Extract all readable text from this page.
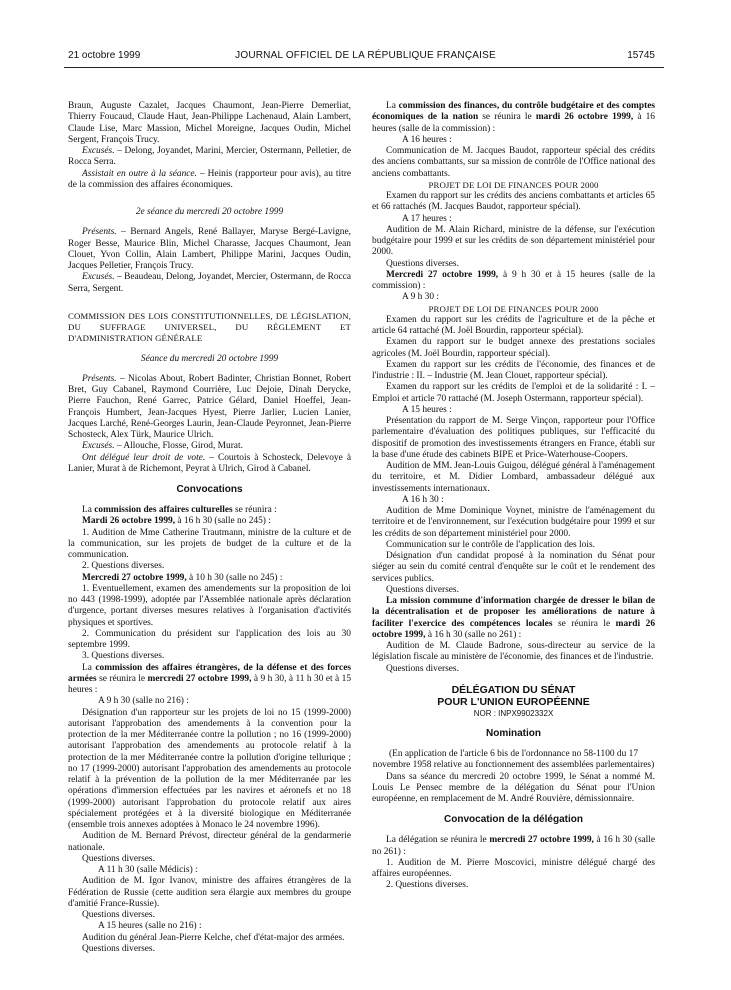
21 octobre 1999	JOURNAL OFFICIEL DE LA RÉPUBLIQUE FRANÇAISE	15745

Braun, Auguste Cazalet, Jacques Chaumont, Jean-Pierre Demerliat, Thierry Foucaud, Claude Haut, Jean-Philippe Lachenaud, Alain Lambert, Claude Lise, Marc Massion, Michel Moreigne, Jacques Oudin, Michel Sergent, François Trucy.

Excusés. – Delong, Joyandet, Marini, Mercier, Ostermann, Pelletier, de Rocca Serra.

Assistait en outre à la séance. – Heinis (rapporteur pour avis), au titre de la commission des affaires économiques.

2e séance du mercredi 20 octobre 1999

Présents. – Bernard Angels, René Ballayer, Maryse Bergé-Lavigne, Roger Besse, Maurice Blin, Michel Charasse, Jacques Chaumont, Jean Clouet, Yvon Collin, Alain Lambert, Philippe Marini, Jacques Oudin, Jacques Pelletier, François Trucy.

Excusés. – Beaudeau, Delong, Joyandet, Mercier, Ostermann, de Rocca Serra, Sergent.

COMMISSION DES LOIS CONSTITUTIONNELLES, DE LÉGISLATION, DU SUFFRAGE UNIVERSEL, DU RÈGLEMENT ET D'ADMINISTRATION GÉNÉRALE

Séance du mercredi 20 octobre 1999

Présents. – Nicolas About, Robert Badinter, Christian Bonnet, Robert Bret, Guy Cabanel, Raymond Courrière, Luc Dejoie, Dinah Derycke, Pierre Fauchon, René Garrec, Patrice Gélard, Daniel Hoeffel, Jean-François Humbert, Jean-Jacques Hyest, Pierre Jarlier, Lucien Lanier, Jacques Larché, René-Georges Laurin, Jean-Claude Peyronnet, Jean-Pierre Schosteck, Alex Türk, Maurice Ulrich.

Excusés. – Allouche, Flosse, Girod, Murat.

Ont délégué leur droit de vote. – Courtois à Schosteck, Delevoye à Lanier, Murat à de Richemont, Peyrat à Ulrich, Girod à Cabanel.

Convocations

La commission des affaires culturelles se réunira :

Mardi 26 octobre 1999, à 16 h 30 (salle no 245) :

1. Audition de Mme Catherine Trautmann, ministre de la culture et de la communication, sur les projets de budget de la culture et de la communication.

2. Questions diverses.

Mercredi 27 octobre 1999, à 10 h 30 (salle no 245) :

1. Eventuellement, examen des amendements sur la proposition de loi no 443 (1998-1999), adoptée par l'Assemblée nationale après déclaration d'urgence, portant diverses mesures relatives à l'organisation d'activités physiques et sportives.

2. Communication du président sur l'application des lois au 30 septembre 1999.

3. Questions diverses.

La commission des affaires étrangères, de la défense et des forces armées se réunira le mercredi 27 octobre 1999, à 9 h 30, à 11 h 30 et à 15 heures :

A 9 h 30 (salle no 216) :

Désignation d'un rapporteur sur les projets de loi no 15 (1999-2000) autorisant l'approbation des amendements à la convention pour la protection de la mer Méditerranée contre la pollution ; no 16 (1999-2000) autorisant l'approbation des amendements au protocole relatif à la protection de la mer Méditerranée contre la pollution d'origine tellurique ; no 17 (1999-2000) autorisant l'approbation des amendements au protocole relatif à la prévention de la pollution de la mer Méditerranée par les opérations d'immersion effectuées par les navires et aéronefs et no 18 (1999-2000) autorisant l'approbation du protocole relatif aux aires spécialement protégées et à la diversité biologique en Méditerranée (ensemble trois annexes adoptées à Monaco le 24 novembre 1996).

Audition de M. Bernard Prévost, directeur général de la gendarmerie nationale.

Questions diverses.

A 11 h 30 (salle Médicis) :

Audition de M. Igor Ivanov, ministre des affaires étrangères de la Fédération de Russie (cette audition sera élargie aux membres du groupe d'amitié France-Russie).

Questions diverses.

A 15 heures (salle no 216) :

Audition du général Jean-Pierre Kelche, chef d'état-major des armées.

Questions diverses.

La commission des finances, du contrôle budgétaire et des comptes économiques de la nation se réunira le mardi 26 octobre 1999, à 16 heures (salle de la commission) :

A 16 heures :

Communication de M. Jacques Baudot, rapporteur spécial des crédits des anciens combattants, sur sa mission de contrôle de l'Office national des anciens combattants.

PROJET DE LOI DE FINANCES POUR 2000

Examen du rapport sur les crédits des anciens combattants et articles 65 et 66 rattachés (M. Jacques Baudot, rapporteur spécial).

A 17 heures :

Audition de M. Alain Richard, ministre de la défense, sur l'exécution budgétaire pour 1999 et sur les crédits de son département ministériel pour 2000.

Questions diverses.

Mercredi 27 octobre 1999, à 9 h 30 et à 15 heures (salle de la commission) :

A 9 h 30 :

PROJET DE LOI DE FINANCES POUR 2000

Examen du rapport sur les crédits de l'agriculture et de la pêche et article 64 rattaché (M. Joël Bourdin, rapporteur spécial).

Examen du rapport sur le budget annexe des prestations sociales agricoles (M. Joël Bourdin, rapporteur spécial).

Examen du rapport sur les crédits de l'économie, des finances et de l'industrie : II. – Industrie (M. Jean Clouet, rapporteur spécial).

Examen du rapport sur les crédits de l'emploi et de la solidarité : I. – Emploi et article 70 rattaché (M. Joseph Ostermann, rapporteur spécial).

A 15 heures :

Présentation du rapport de M. Serge Vinçon, rapporteur pour l'Office parlementaire d'évaluation des politiques publiques, sur l'efficacité du dispositif de promotion des investissements étrangers en France, établi sur la base d'une étude des cabinets BIPE et Price-Waterhouse-Coopers.

Audition de MM. Jean-Louis Guigou, délégué général à l'aménagement du territoire, et M. Didier Lombard, ambassadeur délégué aux investissements internationaux.

A 16 h 30 :

Audition de Mme Dominique Voynet, ministre de l'aménagement du territoire et de l'environnement, sur l'exécution budgétaire pour 1999 et sur les crédits de son département ministériel pour 2000.

Communication sur le contrôle de l'application des lois.

Désignation d'un candidat proposé à la nomination du Sénat pour siéger au sein du comité central d'enquête sur le coût et le rendement des services publics.

Questions diverses.

La mission commune d'information chargée de dresser le bilan de la décentralisation et de proposer les améliorations de nature à faciliter l'exercice des compétences locales se réunira le mardi 26 octobre 1999, à 16 h 30 (salle no 261) :

Audition de M. Claude Badrone, sous-directeur au service de la législation fiscale au ministère de l'économie, des finances et de l'industrie.

Questions diverses.

DÉLÉGATION DU SÉNAT

POUR L'UNION EUROPÉENNE

NOR : INPX9902332X

Nomination

(En application de l'article 6 bis de l'ordonnance no 58-1100 du 17 novembre 1958 relative au fonctionnement des assemblées parlementaires)

Dans sa séance du mercredi 20 octobre 1999, le Sénat a nommé M. Louis Le Pensec membre de la délégation du Sénat pour l'Union européenne, en remplacement de M. André Rouvière, démissionnaire.

Convocation de la délégation

La délégation se réunira le mercredi 27 octobre 1999, à 16 h 30 (salle no 261) :

1. Audition de M. Pierre Moscovici, ministre délégué chargé des affaires européennes.

2. Questions diverses.
